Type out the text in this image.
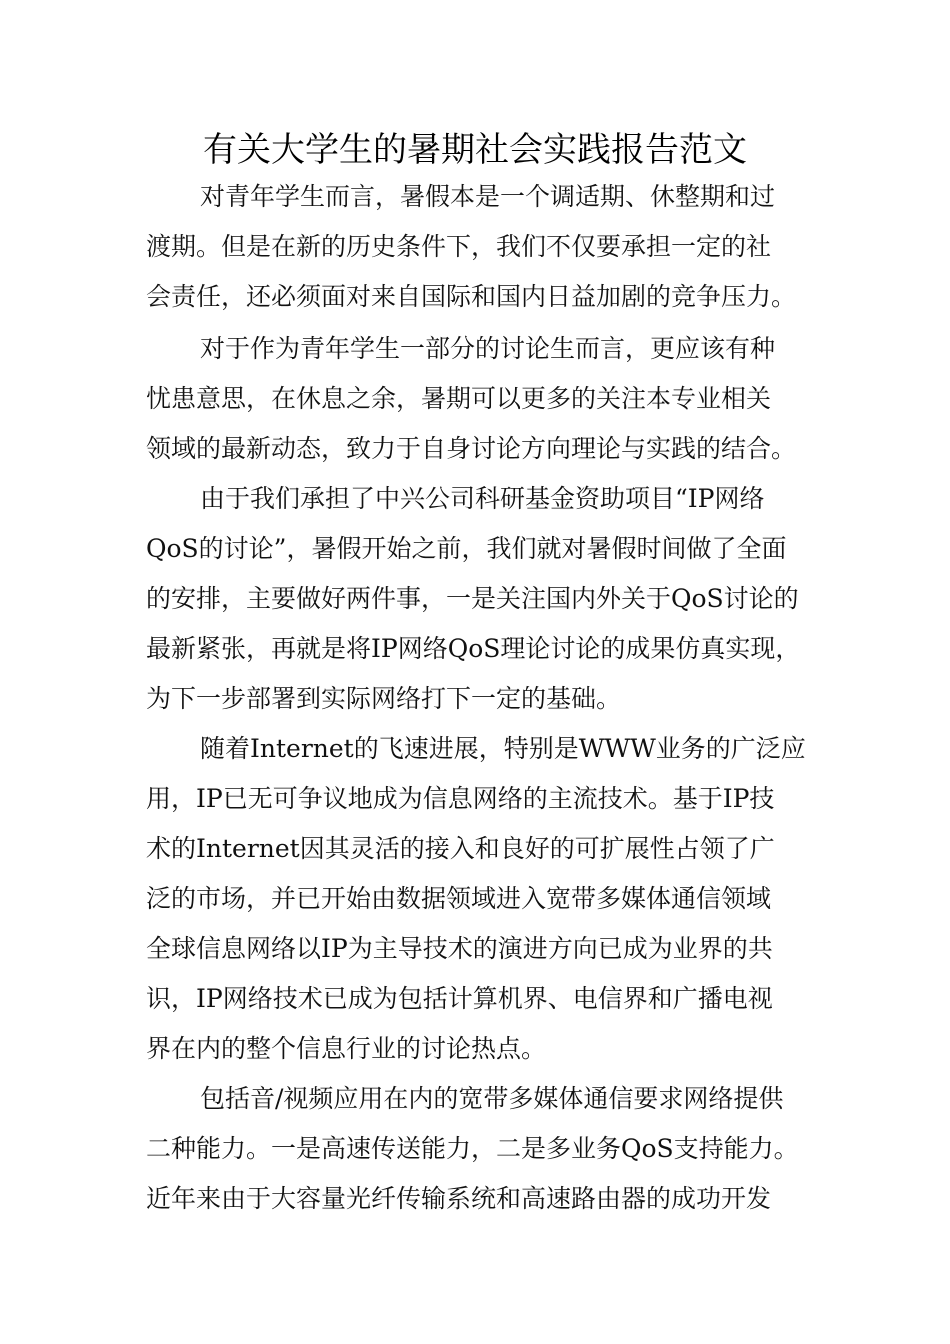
有关大学生的暑期社会实践报告范文
对青年学生而言，暑假本是一个调适期、休整期和过
渡期。但是在新的历史条件下，我们不仅要承担一定的社
会责任，还必须面对来自国际和国内日益加剧的竞争压力。
对于作为青年学生一部分的讨论生而言，更应该有种
忧患意思，在休息之余，暑期可以更多的关注本专业相关
领域的最新动态，致力于自身讨论方向理论与实践的结合。
由于我们承担了中兴公司科研基金资助项目“IP网络
QoS的讨论”，暑假开始之前，我们就对暑假时间做了全面
的安排，主要做好两件事，一是关注国内外关于QoS讨论的
最新紧张，再就是将IP网络QoS理论讨论的成果仿真实现，
为下一步部署到实际网络打下一定的基础。
随着Internet的飞速进展，特别是WWW业务的广泛应
用，IP已无可争议地成为信息网络的主流技术。基于IP技
术的Internet因其灵活的接入和良好的可扩展性占领了广
泛的市场，并已开始由数据领域进入宽带多媒体通信领域
全球信息网络以IP为主导技术的演进方向已成为业界的共
识，IP网络技术已成为包括计算机界、电信界和广播电视
界在内的整个信息行业的讨论热点。
包括音/视频应用在内的宽带多媒体通信要求网络提供
二种能力。一是高速传送能力，二是多业务QoS支持能力。
近年来由于大容量光纤传输系统和高速路由器的成功开发
